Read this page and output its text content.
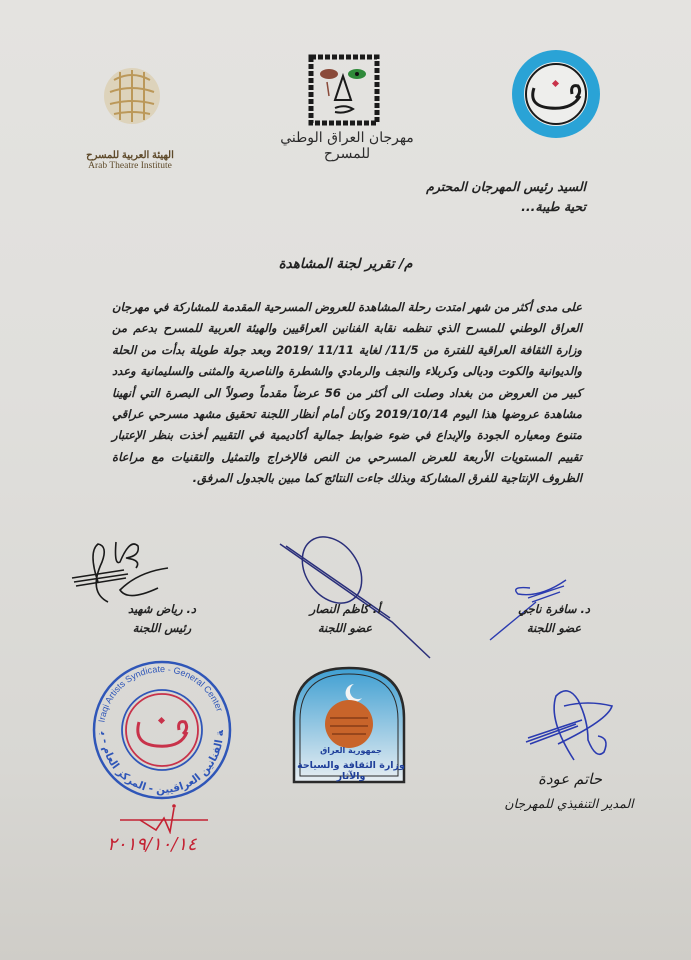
الهيئة العربية للمسرح
Arab Theatre Institute
مهرجان العراق الوطني للمسرح
السيد رئيس المهرجان المحترم
تحية طيبة...
م/ تقرير لجنة المشاهدة
على مدى أكثر من شهر امتدت رحلة المشاهدة للعروض المسرحية المقدمة للمشاركة في مهرجان العراق الوطني للمسرح الذي تنظمه نقابة الفنانين العراقيين والهيئة العربية للمسرح بدعم من وزارة الثقافة العراقية للفترة من 11/5/ لغاية 11/11 /2019 وبعد جولة طويلة بدأت من الحلة والديوانية والكوت وديالى وكربلاء والنجف والرمادي والشطرة والناصرية والمثنى والسليمانية وعدد كبير من العروض من بغداد وصلت الى أكثر من 56 عرضاً مقدماً وصولاً الى البصرة التي أنهينا مشاهدة عروضها هذا اليوم 2019/10/14 وكان أمام أنظار اللجنة تحقيق مشهد مسرحي عراقي متنوع ومعياره الجودة والإبداع في ضوء ضوابط جمالية أكاديمية في التقييم أخذت بنظر الإعتبار تقييم المستويات الأربعة للعرض المسرحي من النص فالإخراج والتمثيل والتقنيات مع مراعاة الظروف الإنتاجية للفرق المشاركة وبذلك جاءت النتائج كما مبين بالجدول المرفق.
د. رياض شهيد
رئيس اللجنة
أ. كاظم النصار
عضو اللجنة
د. سافرة ناجي
عضو اللجنة
Iraqi Artists Syndicate - General Center
ة الفنانين العراقيين - المركز العام - ب
جمهورية العراق
وزارة الثقافة والسياحة والآثار	حاتم عودة
المدير التنفيذي للمهرجان
٢٠١٩/١٠/١٤
